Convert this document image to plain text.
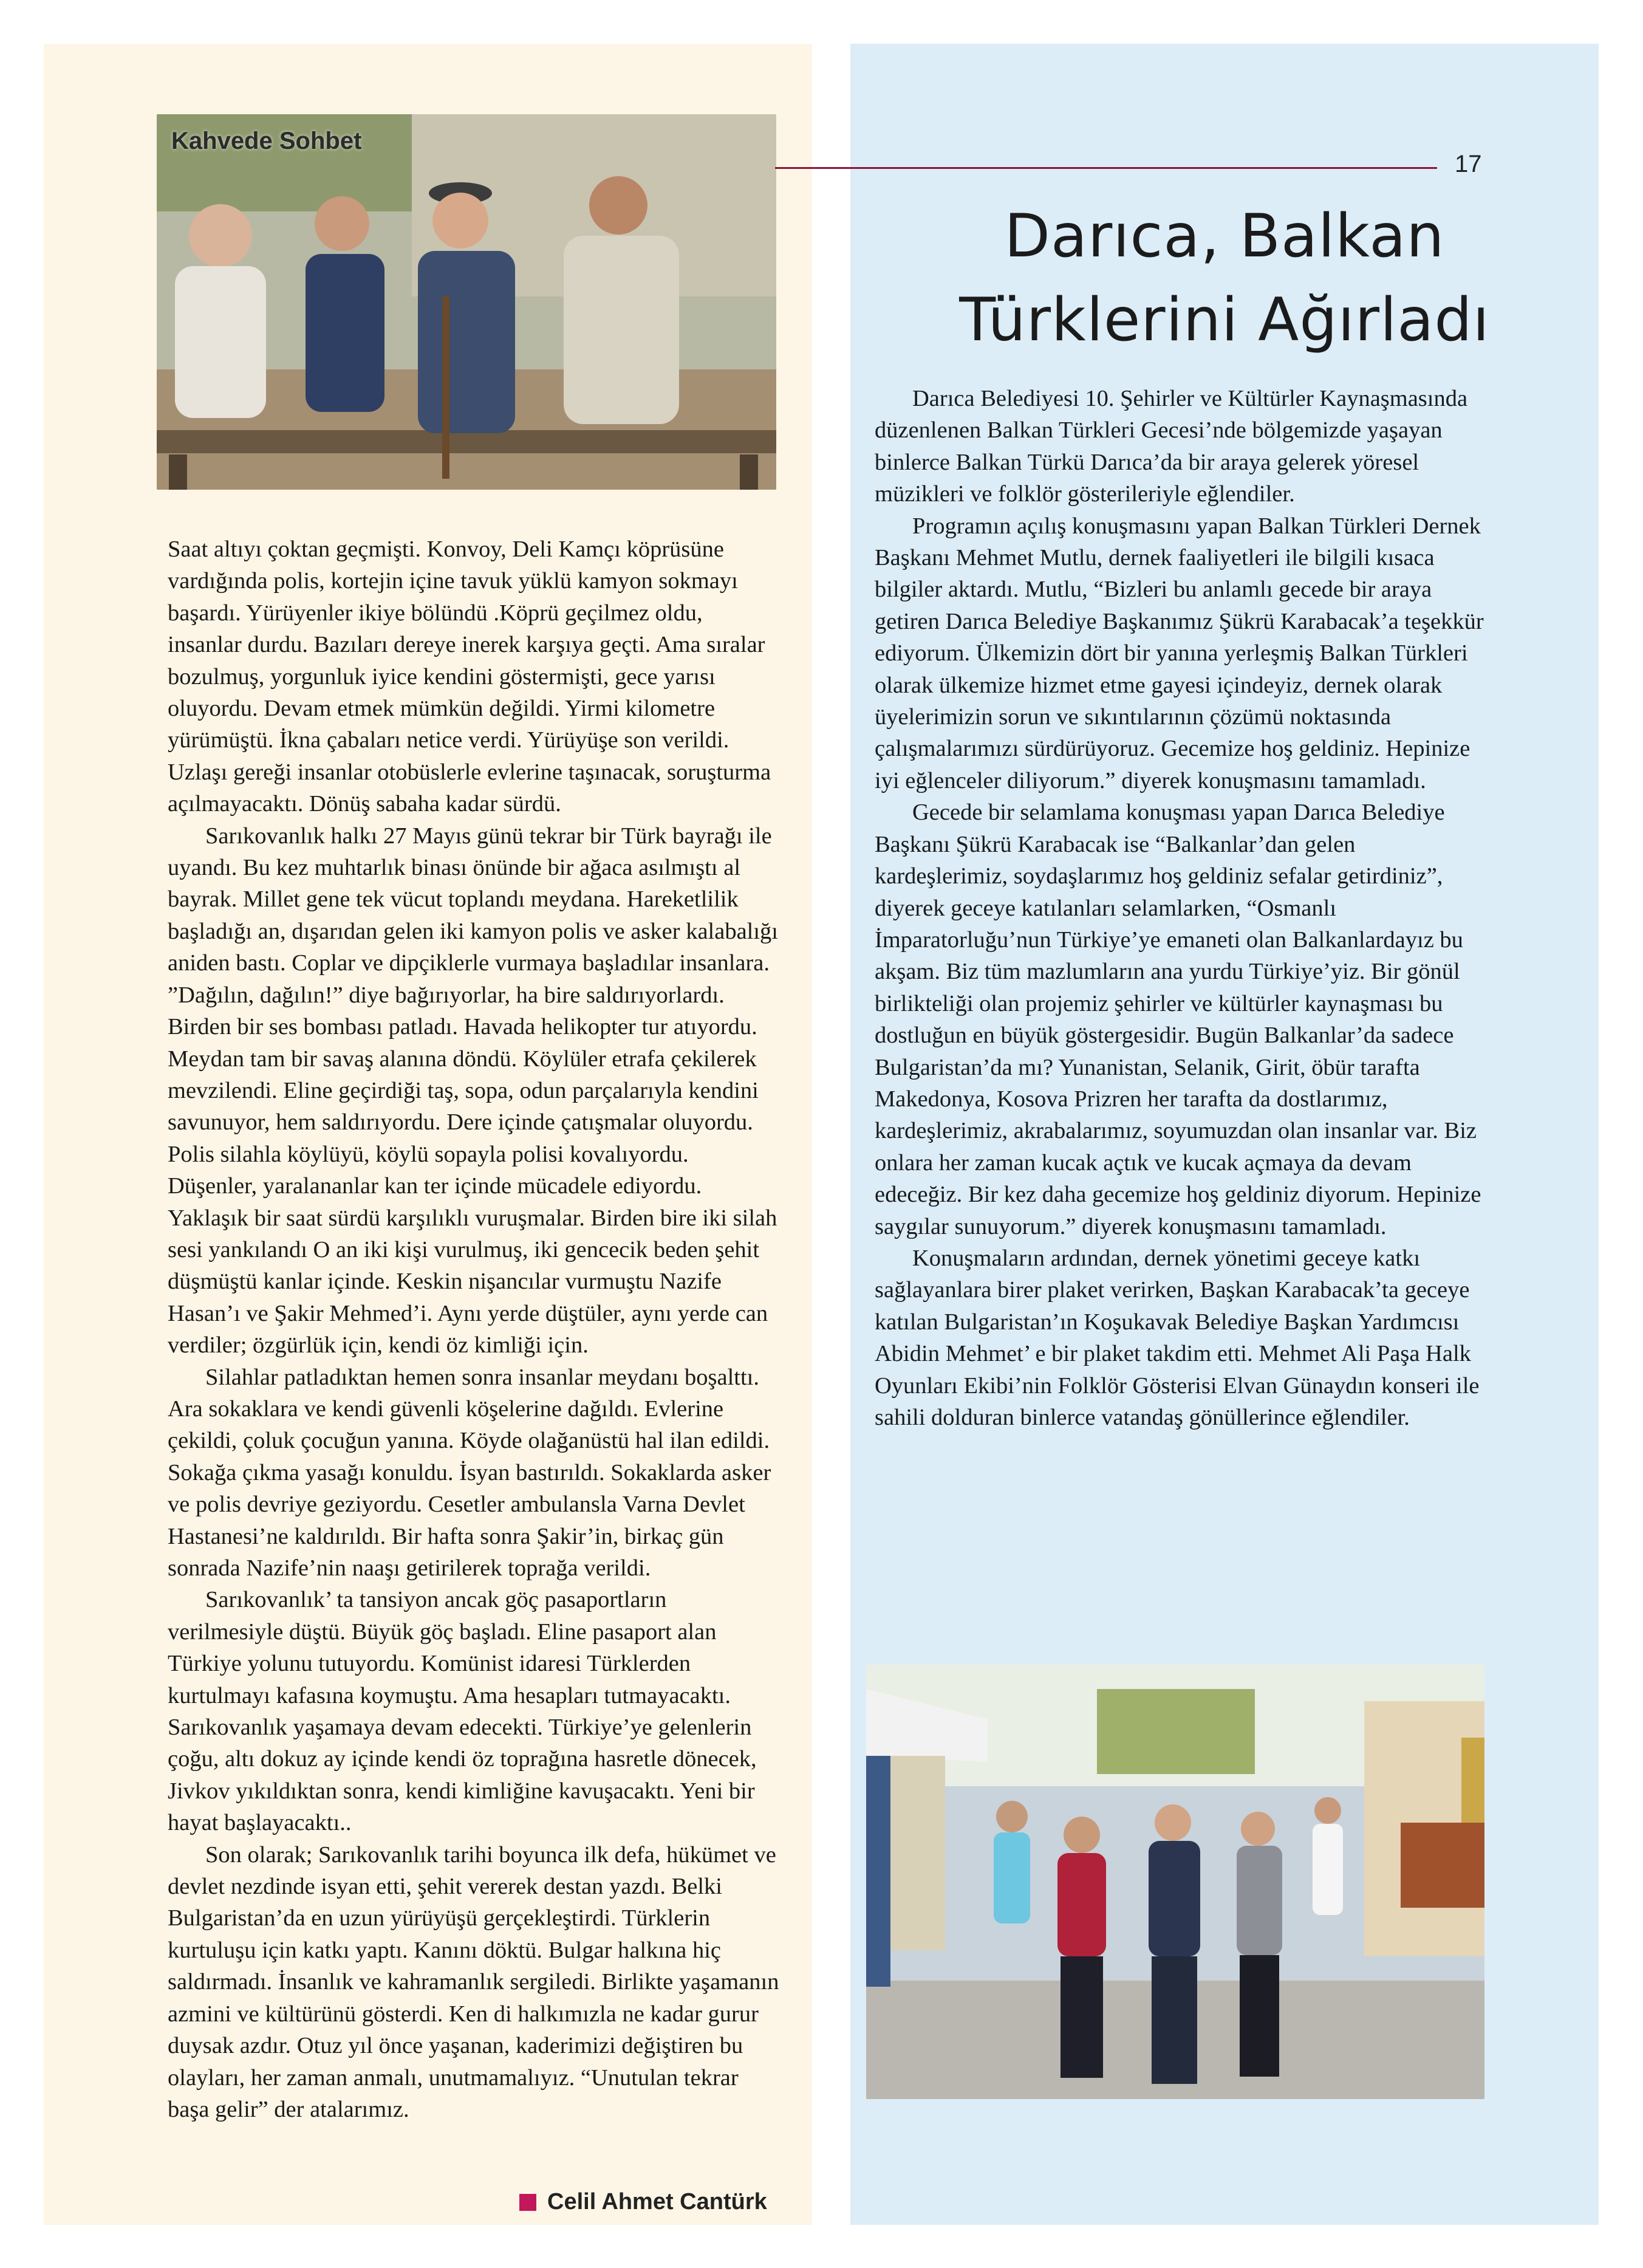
Kahvede Sohbet

Saat altıyı çoktan geçmişti. Konvoy, Deli Kamçı köprüsüne vardığında polis, kortejin içine tavuk yüklü kamyon sokmayı başardı. Yürüyenler ikiye bölündü .Köprü geçilmez oldu, insanlar durdu. Bazıları dereye inerek karşıya geçti. Ama sıralar bozulmuş, yorgunluk iyice kendini göstermişti, gece yarısı oluyordu. Devam etmek mümkün değildi. Yirmi kilometre yürümüştü. İkna çabaları netice verdi. Yürüyüşe son verildi. Uzlaşı gereği insanlar otobüslerle evlerine taşınacak, soruşturma açılmayacaktı. Dönüş sabaha kadar sürdü.

Sarıkovanlık halkı 27 Mayıs günü tekrar bir Türk bayrağı ile uyandı. Bu kez muhtarlık binası önünde bir ağaca asılmıştı al bayrak. Millet gene tek vücut toplandı meydana. Hareketlilik başladığı an, dışarıdan gelen iki kamyon polis ve asker kalabalığı aniden bastı. Coplar ve dipçiklerle vurmaya başladılar insanlara. ”Dağılın, dağılın!” diye bağırıyorlar, ha bire saldırıyorlardı. Birden bir ses bombası patladı. Havada helikopter tur atıyordu. Meydan tam bir savaş alanına döndü. Köylüler etrafa çekilerek mevzilendi. Eline geçirdiği taş, sopa, odun parçalarıyla kendini savunuyor, hem saldırıyordu. Dere içinde çatışmalar oluyordu. Polis silahla köylüyü, köylü sopayla polisi kovalıyordu. Düşenler, yaralananlar kan ter içinde mücadele ediyordu. Yaklaşık bir saat sürdü karşılıklı vuruşmalar. Birden bire iki silah sesi yankılandı O an iki kişi vurulmuş, iki gencecik beden şehit düşmüştü kanlar içinde. Keskin nişancılar vurmuştu Nazife Hasan’ı ve Şakir Mehmed’i. Aynı yerde düştüler, aynı yerde can verdiler; özgürlük için, kendi öz kimliği için.

Silahlar patladıktan hemen sonra insanlar meydanı boşalttı. Ara sokaklara ve kendi güvenli köşelerine dağıldı. Evlerine çekildi, çoluk çocuğun yanına. Köyde olağanüstü hal ilan edildi. Sokağa çıkma yasağı konuldu. İsyan bastırıldı. Sokaklarda asker ve polis devriye geziyordu. Cesetler ambulansla Varna Devlet Hastanesi’ne kaldırıldı. Bir hafta sonra Şakir’in, birkaç gün sonrada Nazife’nin naaşı getirilerek toprağa verildi.

Sarıkovanlık’ ta tansiyon ancak göç pasaportların verilmesiyle düştü. Büyük göç başladı. Eline pasaport alan Türkiye yolunu tutuyordu. Komünist idaresi Türklerden kurtulmayı kafasına koymuştu. Ama hesapları tutmayacaktı. Sarıkovanlık yaşamaya devam edecekti. Türkiye’ye gelenlerin çoğu, altı dokuz ay içinde kendi öz toprağına hasretle dönecek, Jivkov yıkıldıktan sonra, kendi kimliğine kavuşacaktı. Yeni bir hayat başlayacaktı..

Son olarak; Sarıkovanlık tarihi boyunca ilk defa, hükümet ve devlet nezdinde isyan etti, şehit vererek destan yazdı. Belki Bulgaristan’da en uzun yürüyüşü gerçekleştirdi. Türklerin kurtuluşu için katkı yaptı. Kanını döktü. Bulgar halkına hiç saldırmadı. İnsanlık ve kahramanlık sergiledi. Birlikte yaşamanın azmini ve kültürünü gösterdi. Ken di halkımızla ne kadar gurur duysak azdır. Otuz yıl önce yaşanan, kaderimizi değiştiren bu olayları, her zaman anmalı, unutmamalıyız. “Unutulan tekrar başa gelir” der atalarımız.

Celil Ahmet Cantürk
17
Darıca, Balkan
Türklerini Ağırladı

Darıca Belediyesi 10. Şehirler ve Kültürler Kaynaşmasında düzenlenen Balkan Türkleri Gecesi’nde bölgemizde yaşayan binlerce Balkan Türkü Darıca’da bir araya gelerek yöresel müzikleri ve folklör gösterileriyle eğlendiler.

Programın açılış konuşmasını yapan Balkan Türkleri Dernek Başkanı Mehmet Mutlu, dernek faaliyetleri ile bilgili kısaca bilgiler aktardı. Mutlu, “Bizleri bu anlamlı gecede bir araya getiren Darıca Belediye Başkanımız Şükrü Karabacak’a teşekkür ediyorum. Ülkemizin dört bir yanına yerleşmiş Balkan Türkleri olarak ülkemize hizmet etme gayesi içindeyiz, dernek olarak üyelerimizin sorun ve sıkıntılarının çözümü noktasında çalışmalarımızı sürdürüyoruz. Gecemize hoş geldiniz. Hepinize iyi eğlenceler diliyorum.” diyerek konuşmasını tamamladı.

Gecede bir selamlama konuşması yapan Darıca Belediye Başkanı Şükrü Karabacak ise “Balkanlar’dan gelen kardeşlerimiz, soydaşlarımız hoş geldiniz sefalar getirdiniz”, diyerek geceye katılanları selamlarken, “Osmanlı İmparatorluğu’nun Türkiye’ye emaneti olan Balkanlardayız bu akşam. Biz tüm mazlumların ana yurdu Türkiye’yiz. Bir gönül birlikteliği olan projemiz şehirler ve kültürler kaynaşması bu dostluğun en büyük göstergesidir. Bugün Balkanlar’da sadece Bulgaristan’da mı? Yunanistan, Selanik, Girit, öbür tarafta Makedonya, Kosova Prizren her tarafta da dostlarımız, kardeşlerimiz, akrabalarımız, soyumuzdan olan insanlar var. Biz onlara her zaman kucak açtık ve kucak açmaya da devam edeceğiz. Bir kez daha gecemize hoş geldiniz diyorum. Hepinize saygılar sunuyorum.” diyerek konuşmasını tamamladı.

Konuşmaların ardından, dernek yönetimi geceye katkı sağlayanlara birer plaket verirken, Başkan Karabacak’ta geceye katılan Bulgaristan’ın Koşukavak Belediye Başkan Yardımcısı Abidin Mehmet’ e bir plaket takdim etti. Mehmet Ali Paşa Halk Oyunları Ekibi’nin Folklör Gösterisi Elvan Günaydın konseri ile sahili dolduran binlerce vatandaş gönüllerince eğlendiler.
